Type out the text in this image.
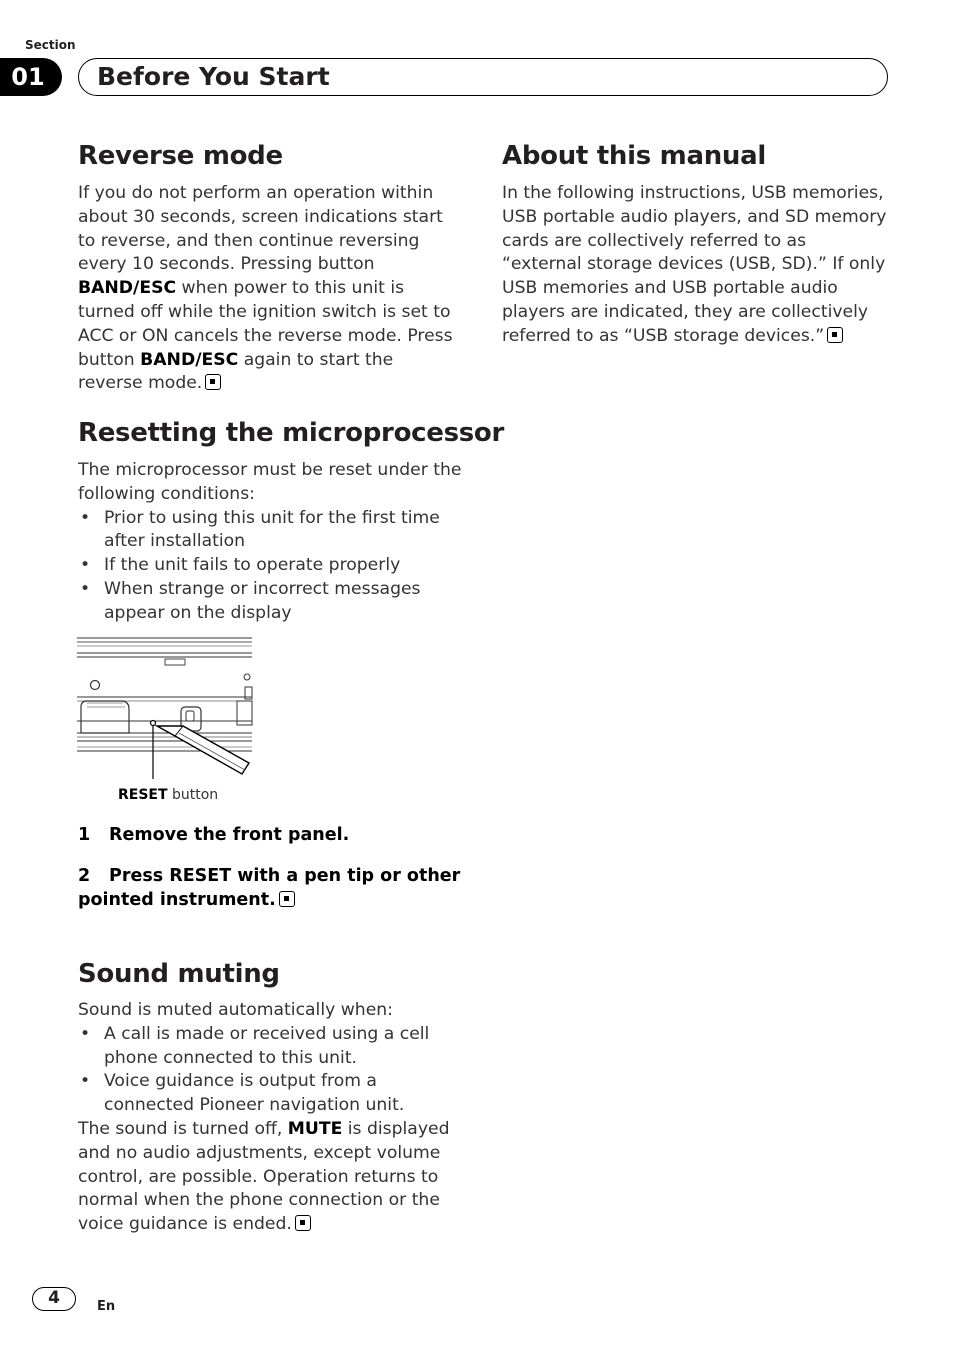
Section
01	Before You Start
Reverse mode

If you do not perform an operation within about 30 seconds, screen indications start to reverse, and then continue reversing every 10 seconds. Pressing button BAND/ESC when power to this unit is turned off while the ignition switch is set to ACC or ON cancels the reverse mode. Press button BAND/ESC again to start the reverse mode.

Resetting the microprocessor

The microprocessor must be reset under the following conditions:

• Prior to using this unit for the first time after installation
• If the unit fails to operate properly
• When strange or incorrect messages appear on the display
RESET button
1 Remove the front panel.
2 Press RESET with a pen tip or other pointed instrument.
Sound muting

Sound is muted automatically when:

• A call is made or received using a cell phone connected to this unit.
• Voice guidance is output from a connected Pioneer navigation unit.

The sound is turned off, MUTE is displayed and no audio adjustments, except volume control, are possible. Operation returns to normal when the phone connection or the voice guidance is ended.

About this manual

In the following instructions, USB memories, USB portable audio players, and SD memory cards are collectively referred to as “external storage devices (USB, SD).” If only USB memories and USB portable audio players are indicated, they are collectively referred to as “USB storage devices.”

4	En
